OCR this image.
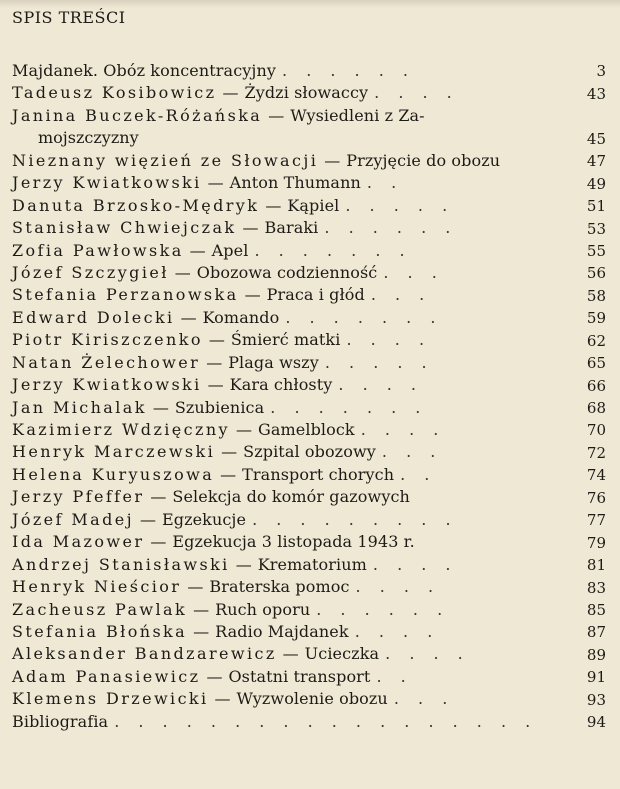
SPIS TREŚCI
Majdanek. Obóz koncentracyjny . . . . . .	3
Tadeusz Kosibowicz — Żydzi słowaccy . . . .	43
Janina Buczek-Różańska — Wysiedleni z Za-
mojszczyzny	45
Nieznany więzień ze Słowacji — Przyjęcie do obozu	47
Jerzy Kwiatkowski — Anton Thumann . .	49
Danuta Brzosko-Mędryk — Kąpiel . . . . .	51
Stanisław Chwiejczak — Baraki . . . . . .	53
Zofia Pawłowska — Apel . . . . . . .	55
Józef Szczygieł — Obozowa codzienność . . .	56
Stefania Perzanowska — Praca i głód . . .	58
Edward Dolecki — Komando . . . . . . .	59
Piotr Kiriszczenko — Śmierć matki . . . .	62
Natan Żelechower — Plaga wszy . . . . .	65
Jerzy Kwiatkowski — Kara chłosty . . . .	66
Jan Michalak — Szubienica . . . . . . .	68
Kazimierz Wdzięczny — Gamelblock . . . .	70
Henryk Marczewski — Szpital obozowy . . .	72
Helena Kuryuszowa — Transport chorych . .	74
Jerzy Pfeffer — Selekcja do komór gazowych	76
Józef Madej — Egzekucje . . . . . . . . .	77
Ida Mazower — Egzekucja 3 listopada 1943 r.	79
Andrzej Stanisławski — Krematorium . . . .	81
Henryk Nieścior — Braterska pomoc . . . .	83
Zacheusz Pawlak — Ruch oporu . . . . . .	85
Stefania Błońska — Radio Majdanek . . . .	87
Aleksander Bandzarewicz — Ucieczka . . . .	89
Adam Panasiewicz — Ostatni transport . .	91
Klemens Drzewicki — Wyzwolenie obozu . . .	93
Bibliografia . . . . . . . . . . . . . . . . . .	94
